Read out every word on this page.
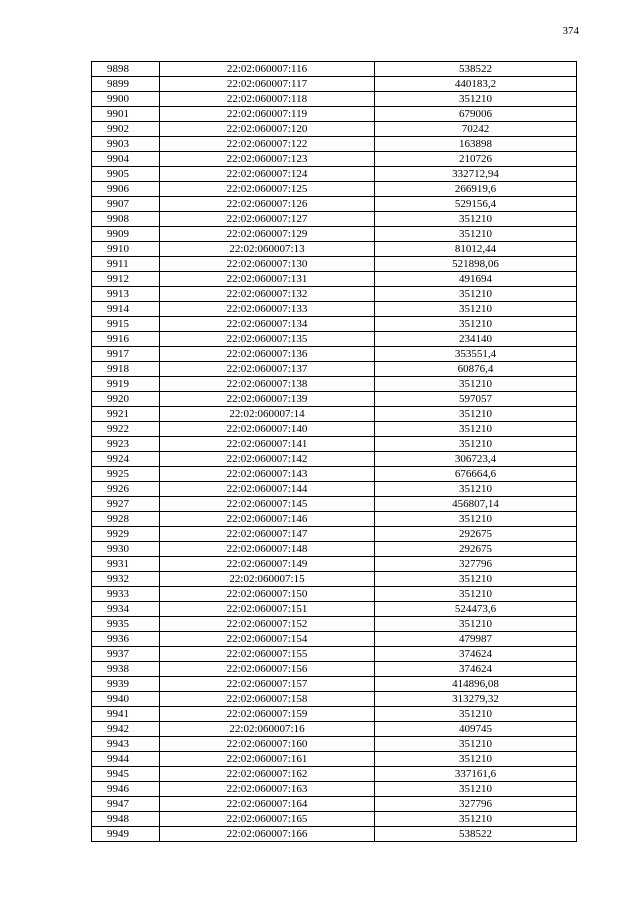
374
9898	22:02:060007:116	538522
9899	22:02:060007:117	440183,2
9900	22:02:060007:118	351210
9901	22:02:060007:119	679006
9902	22:02:060007:120	70242
9903	22:02:060007:122	163898
9904	22:02:060007:123	210726
9905	22:02:060007:124	332712,94
9906	22:02:060007:125	266919,6
9907	22:02:060007:126	529156,4
9908	22:02:060007:127	351210
9909	22:02:060007:129	351210
9910	22:02:060007:13	81012,44
9911	22:02:060007:130	521898,06
9912	22:02:060007:131	491694
9913	22:02:060007:132	351210
9914	22:02:060007:133	351210
9915	22:02:060007:134	351210
9916	22:02:060007:135	234140
9917	22:02:060007:136	353551,4
9918	22:02:060007:137	60876,4
9919	22:02:060007:138	351210
9920	22:02:060007:139	597057
9921	22:02:060007:14	351210
9922	22:02:060007:140	351210
9923	22:02:060007:141	351210
9924	22:02:060007:142	306723,4
9925	22:02:060007:143	676664,6
9926	22:02:060007:144	351210
9927	22:02:060007:145	456807,14
9928	22:02:060007:146	351210
9929	22:02:060007:147	292675
9930	22:02:060007:148	292675
9931	22:02:060007:149	327796
9932	22:02:060007:15	351210
9933	22:02:060007:150	351210
9934	22:02:060007:151	524473,6
9935	22:02:060007:152	351210
9936	22:02:060007:154	479987
9937	22:02:060007:155	374624
9938	22:02:060007:156	374624
9939	22:02:060007:157	414896,08
9940	22:02:060007:158	313279,32
9941	22:02:060007:159	351210
9942	22:02:060007:16	409745
9943	22:02:060007:160	351210
9944	22:02:060007:161	351210
9945	22:02:060007:162	337161,6
9946	22:02:060007:163	351210
9947	22:02:060007:164	327796
9948	22:02:060007:165	351210
9949	22:02:060007:166	538522
